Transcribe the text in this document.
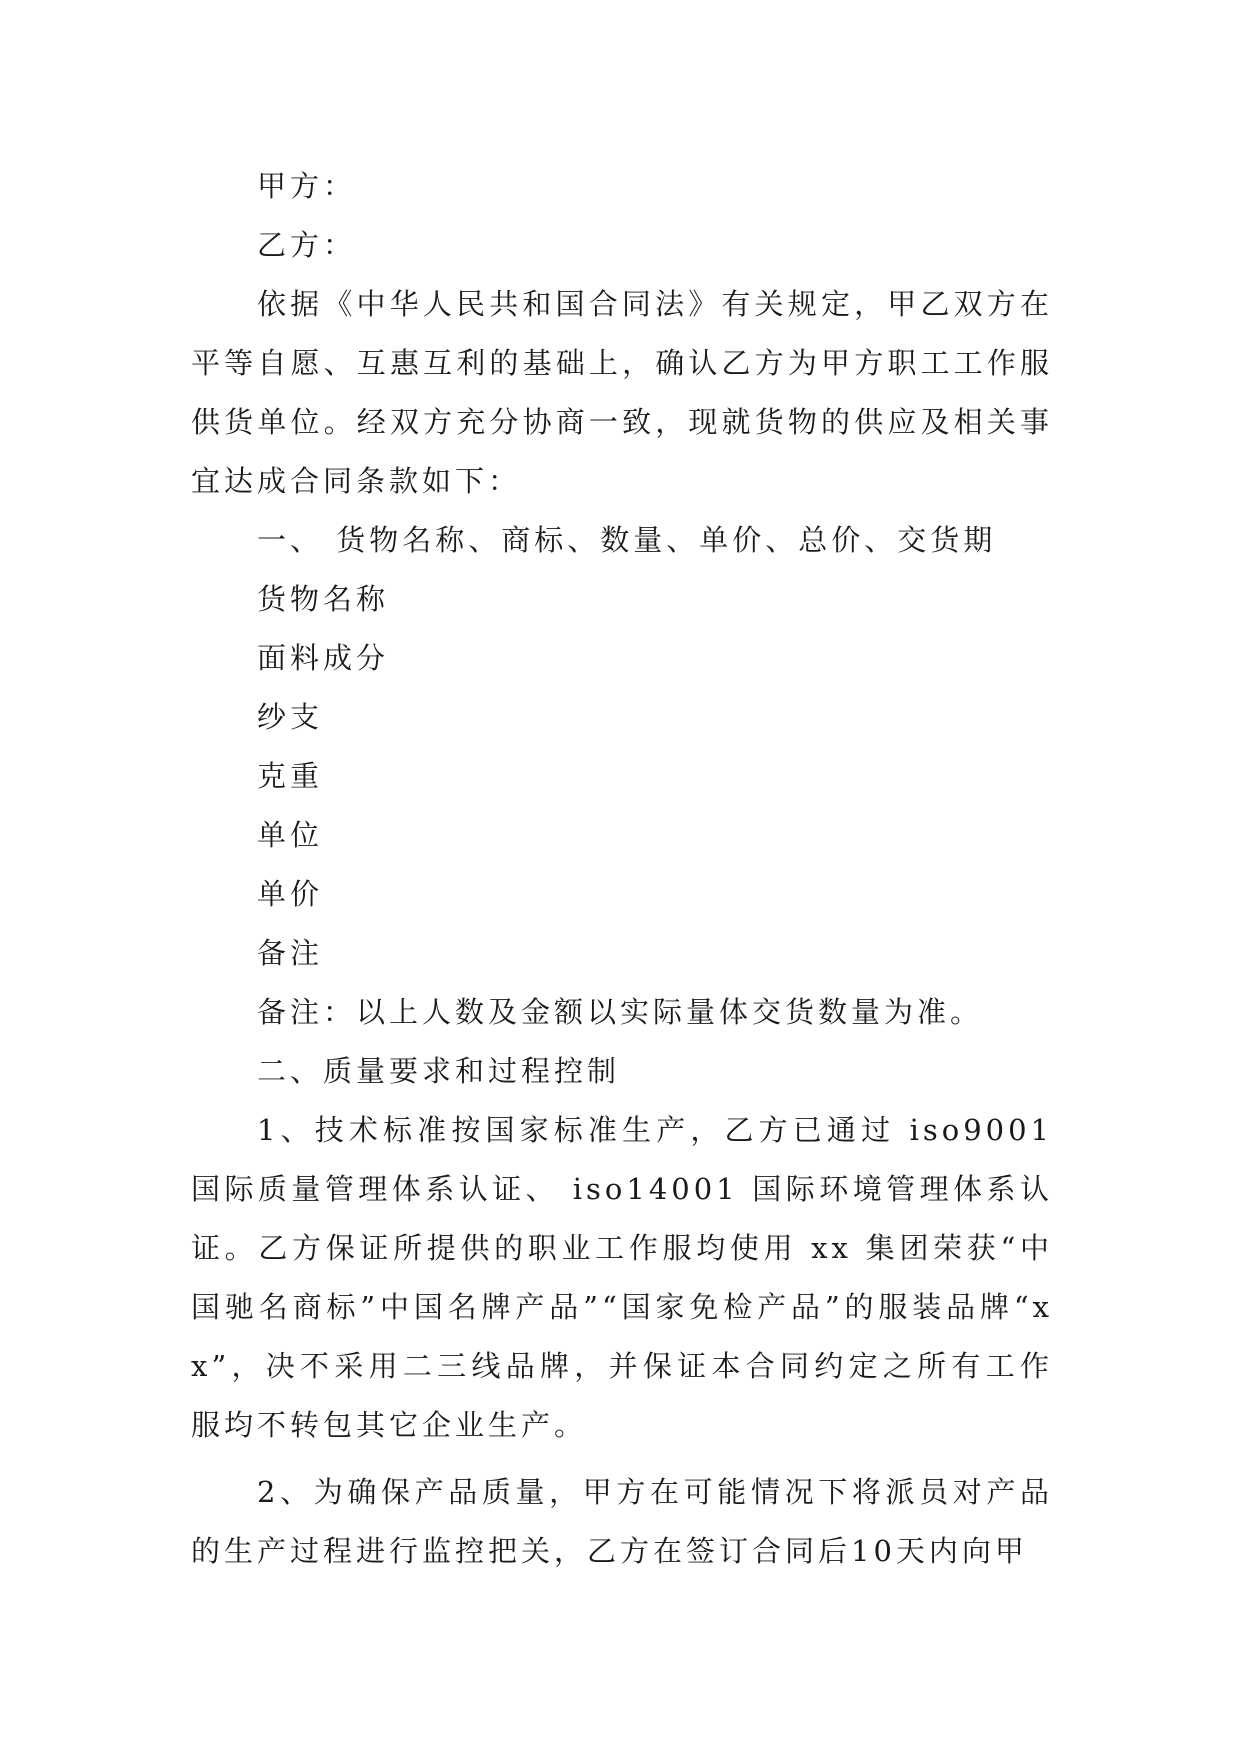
甲方：

乙方：

依据《中华人民共和国合同法》有关规定，甲乙双方在平等自愿、互惠互利的基础上，确认乙方为甲方职工工作服供货单位。经双方充分协商一致，现就货物的供应及相关事宜达成合同条款如下：

一、 货物名称、商标、数量、单价、总价、交货期

货物名称

面料成分

纱支

克重

单位

单价

备注

备注：以上人数及金额以实际量体交货数量为准。

二、质量要求和过程控制

1、技术标准按国家标准生产，乙方已通过 iso9001 国际质量管理体系认证、 iso14001 国际环境管理体系认证。乙方保证所提供的职业工作服均使用 xx 集团荣获“中国驰名商标”中国名牌产品”“国家免检产品”的服装品牌“xx”，决不采用二三线品牌，并保证本合同约定之所有工作服均不转包其它企业生产。

2、为确保产品质量，甲方在可能情况下将派员对产品的生产过程进行监控把关，乙方在签订合同后10天内向甲
